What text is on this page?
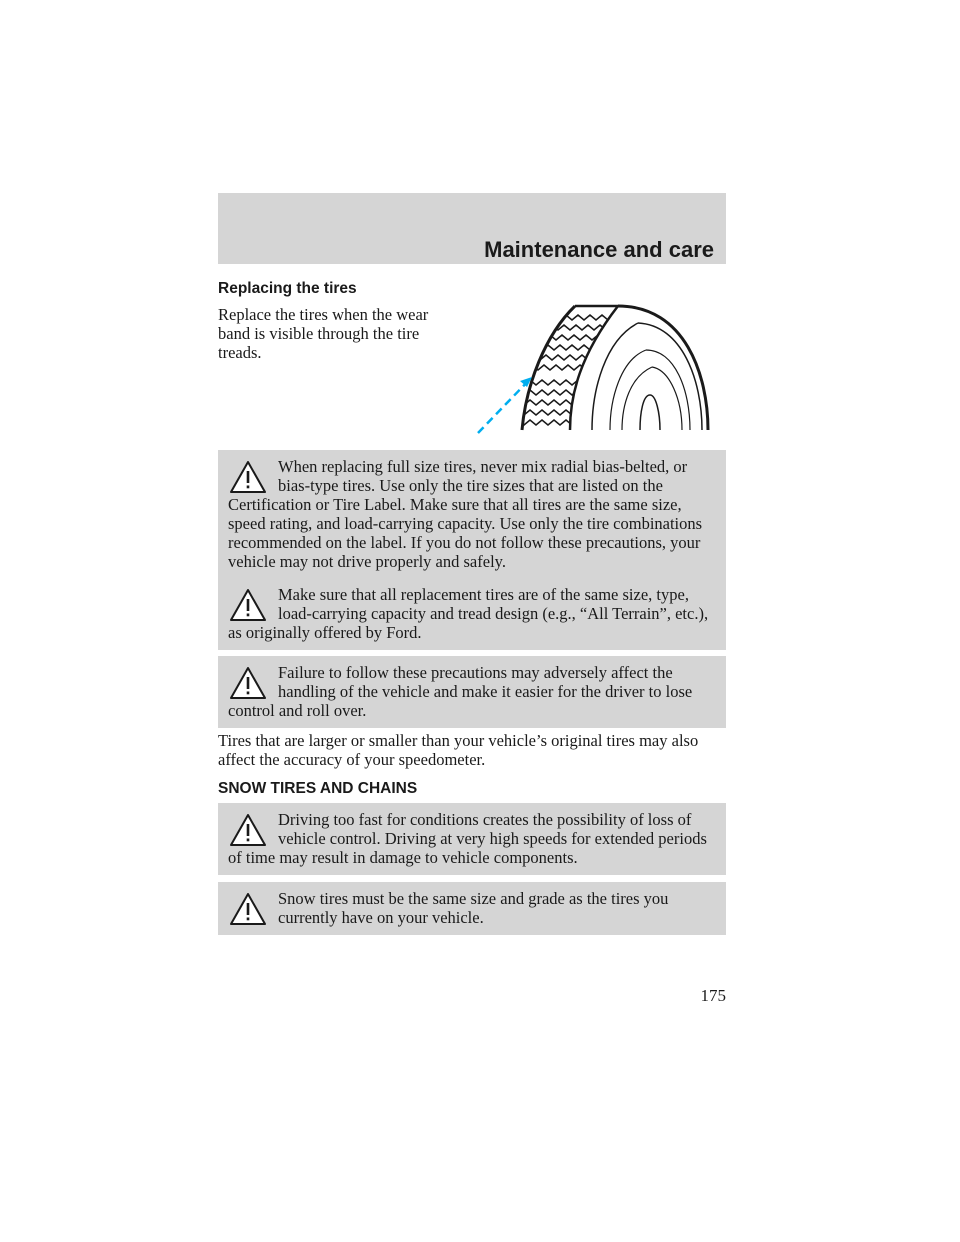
Maintenance and care
Replacing the tires
Replace the tires when the wear band is visible through the tire treads.
When replacing full size tires, never mix radial bias-belted, or bias-type tires. Use only the tire sizes that are listed on the Certification or Tire Label. Make sure that all tires are the same size, speed rating, and load-carrying capacity. Use only the tire combinations recommended on the label. If you do not follow these precautions, your vehicle may not drive properly and safely.
Make sure that all replacement tires are of the same size, type, load-carrying capacity and tread design (e.g., “All Terrain”, etc.), as originally offered by Ford.
Failure to follow these precautions may adversely affect the handling of the vehicle and make it easier for the driver to lose control and roll over.
Tires that are larger or smaller than your vehicle’s original tires may also affect the accuracy of your speedometer.
SNOW TIRES AND CHAINS
Driving too fast for conditions creates the possibility of loss of vehicle control. Driving at very high speeds for extended periods of time may result in damage to vehicle components.
Snow tires must be the same size and grade as the tires you currently have on your vehicle.
175
